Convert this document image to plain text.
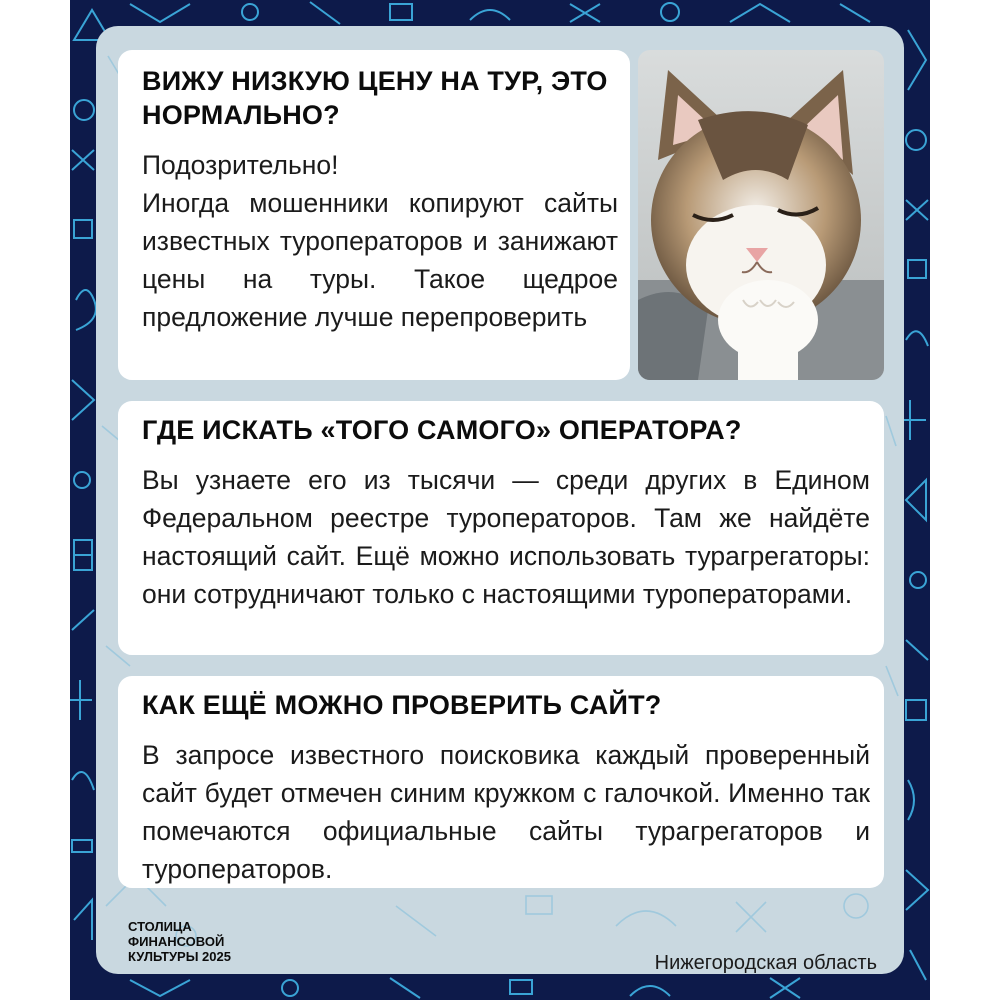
ВИЖУ НИЗКУЮ ЦЕНУ НА ТУР, ЭТО НОРМАЛЬНО?

Подозрительно!

Иногда мошенники копируют сайты известных туроператоров и занижают цены на туры. Такое щедрое предложение лучше перепроверить

ГДЕ ИСКАТЬ «ТОГО САМОГО» ОПЕРАТОРА?

Вы узнаете его из тысячи — среди других в Едином Федеральном реестре туроператоров. Там же найдёте настоящий сайт. Ещё можно использовать турагрегаторы: они сотрудничают только с настоящими туроператорами.

КАК ЕЩЁ МОЖНО ПРОВЕРИТЬ САЙТ?

В запросе известного поисковика каждый проверенный сайт будет отмечен синим кружком с галочкой. Именно так помечаются официальные сайты турагрегаторов и туроператоров.

СТОЛИЦА
ФИНАНСОВОЙ
КУЛЬТУРЫ 2025	Нижегородская область
